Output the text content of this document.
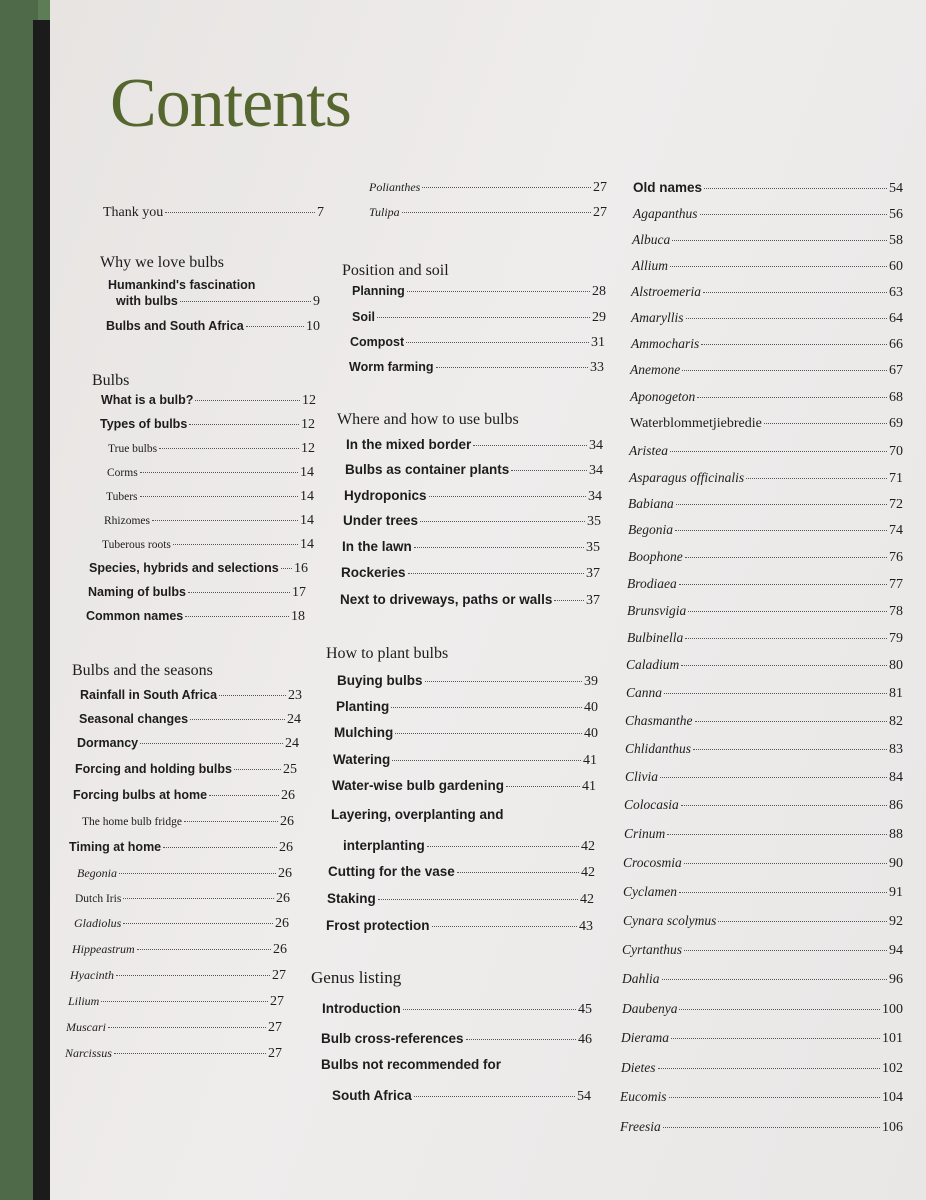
Contents
Thank you	7
Why we love bulbs
Humankind's fascination
with bulbs	9
Bulbs and South Africa	10
Bulbs
What is a bulb?	12
Types of bulbs	12
True bulbs	12
Corms	14
Tubers	14
Rhizomes	14
Tuberous roots	14
Species, hybrids and selections 16
Naming of bulbs	17
Common names	18
Bulbs and the seasons
Rainfall in South Africa	23
Seasonal changes	24
Dormancy	24
Forcing and holding bulbs	25
Forcing bulbs at home	26
The home bulb fridge	26
Timing at home	26
Begonia	26
Dutch Iris	26
Gladiolus	26
Hippeastrum	26
Hyacinth	27
Lilium	27
Muscari	27
Narcissus	27
Polianthes	27
Tulipa	27
Position and soil
Planning	28
Soil	29
Compost	31
Worm farming	33
Where and how to use bulbs
In the mixed border	34
Bulbs as container plants	34
Hydroponics	34
Under trees	35
In the lawn	35
Rockeries	37
Next to driveways, paths or walls 37
How to plant bulbs
Buying bulbs	39
Planting	40
Mulching	40
Watering	41
Water-wise bulb gardening	41
Layering, overplanting and
interplanting	42
Cutting for the vase	42
Staking	42
Frost protection	43
Genus listing
Introduction	45
Bulb cross-references	46
Bulbs not recommended for
South Africa	54
Old names	54
Agapanthus	56
Albuca	58
Allium	60
Alstroemeria	63
Amaryllis	64
Ammocharis	66
Anemone	67
Aponogeton	68
Waterblommetjiebredie	69
Aristea	70
Asparagus officinalis	71
Babiana	72
Begonia	74
Boophone	76
Brodiaea	77
Brunsvigia	78
Bulbinella	79
Caladium	80
Canna	81
Chasmanthe	82
Chlidanthus	83
Clivia	84
Colocasia	86
Crinum	88
Crocosmia	90
Cyclamen	91
Cynara scolymus	92
Cyrtanthus	94
Dahlia	96
Daubenya	100
Dierama	101
Dietes	102
Eucomis	104
Freesia	106
